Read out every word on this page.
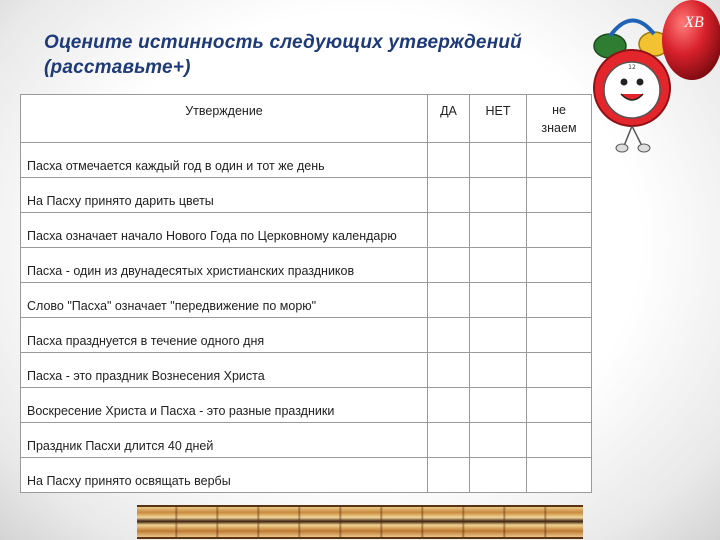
Оцените истинность следующих утверждений (расставьте+)
Утверждение	ДА	НЕТ	не
знаем
Пасха отмечается каждый год в один и тот же день			
На Пасху принято дарить цветы			
Пасха означает начало Нового Года по Церковному календарю			
Пасха - один из двунадесятых христианских праздников			
Слово "Пасха" означает "передвижение по морю"			
Пасха празднуется в течение одного дня			
Пасха - это праздник Вознесения Христа			
Воскресение Христа и Пасха - это разные праздники			
Праздник Пасхи длится 40 дней			
На Пасху принято освящать вербы			
12
ХВ
